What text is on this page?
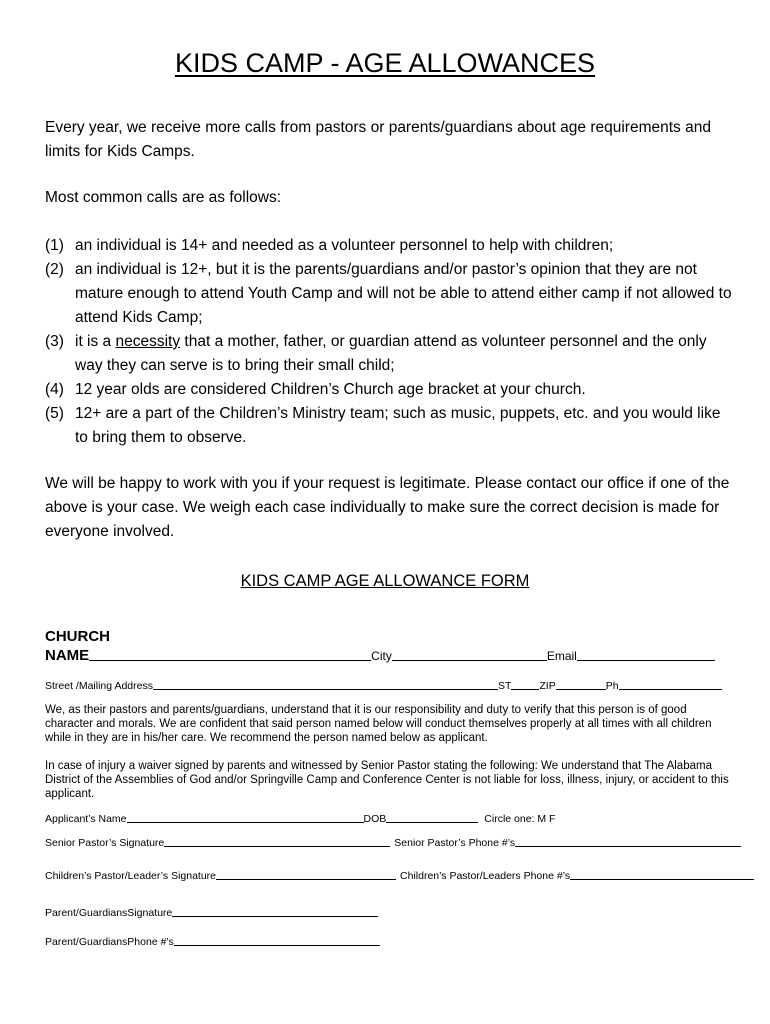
KIDS CAMP - AGE ALLOWANCES
Every year, we receive more calls from pastors or parents/guardians about age requirements and limits for Kids Camps.
Most common calls are as follows:
(1) an individual is 14+ and needed as a volunteer personnel to help with children;
(2) an individual is 12+, but it is the parents/guardians and/or pastor’s opinion that they are not mature enough to attend Youth Camp and will not be able to attend either camp if not allowed to attend Kids Camp;
(3) it is a necessity that a mother, father, or guardian attend as volunteer personnel and the only way they can serve is to bring their small child;
(4) 12 year olds are considered Children’s Church age bracket at your church.
(5) 12+ are a part of the Children’s Ministry team; such as music, puppets, etc. and you would like to bring them to observe.
We will be happy to work with you if your request is legitimate. Please contact our office if one of the above is your case. We weigh each case individually to make sure the correct decision is made for everyone involved.
KIDS CAMP AGE ALLOWANCE FORM
CHURCH
NAME	City	Email
Street /Mailing Address	ST	ZIP	Ph
We, as their pastors and parents/guardians, understand that it is our responsibility and duty to verify that this person is of good character and morals. We are confident that said person named below will conduct themselves properly at all times with all children while in they are in his/her care. We recommend the person named below as applicant.
In case of injury a waiver signed by parents and witnessed by Senior Pastor stating the following: We understand that The Alabama District of the Assemblies of God and/or Springville Camp and Conference Center is not liable for loss, illness, injury, or accident to this applicant.
Applicant’s Name	DOB	Circle one: M F
Senior Pastor’s Signature	Senior Pastor’s Phone #’s
Children’s Pastor/Leader’s Signature	Children’s Pastor/Leaders Phone #’s
Parent/GuardiansSignature
Parent/GuardiansPhone #’s
